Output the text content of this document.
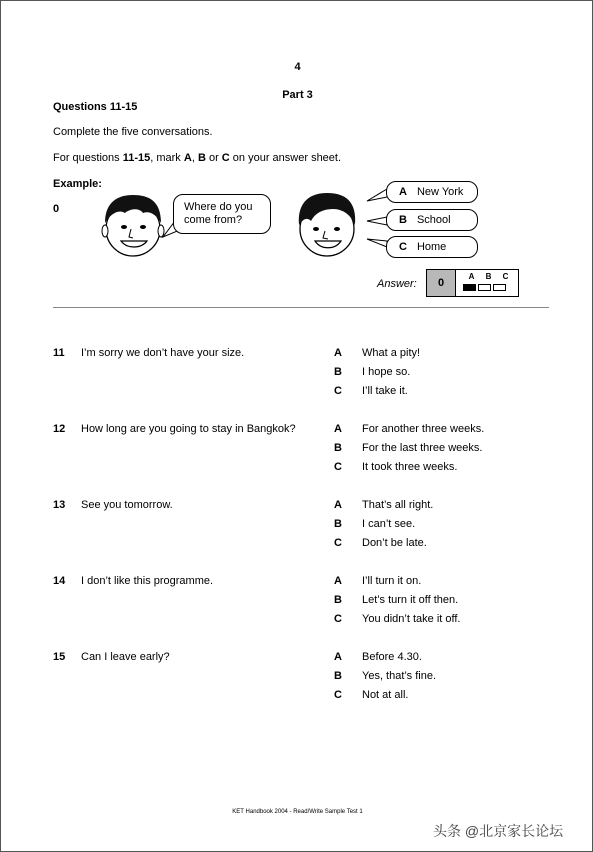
4
Part 3
Questions 11-15
Complete the five conversations.
For questions 11-15, mark A, B or C on your answer sheet.
Example:
0	Where do you come from?
A New York
B School
C Home
Answer:	0
A B C
11 I’m sorry we don’t have your size.	A What a pity!
B I hope so.
C I’ll take it.
12 How long are you going to stay in Bangkok?	A For another three weeks.
B For the last three weeks.
C It took three weeks.
13 See you tomorrow.	A That’s all right.
B I can’t see.
C Don’t be late.
14 I don’t like this programme.	A I’ll turn it on.
B Let’s turn it off then.
C You didn’t take it off.
15 Can I leave early?	A Before 4.30.
B Yes, that’s fine.
C Not at all.
KET Handbook 2004 - Read/Write Sample Test 1
头条 @北京家长论坛
